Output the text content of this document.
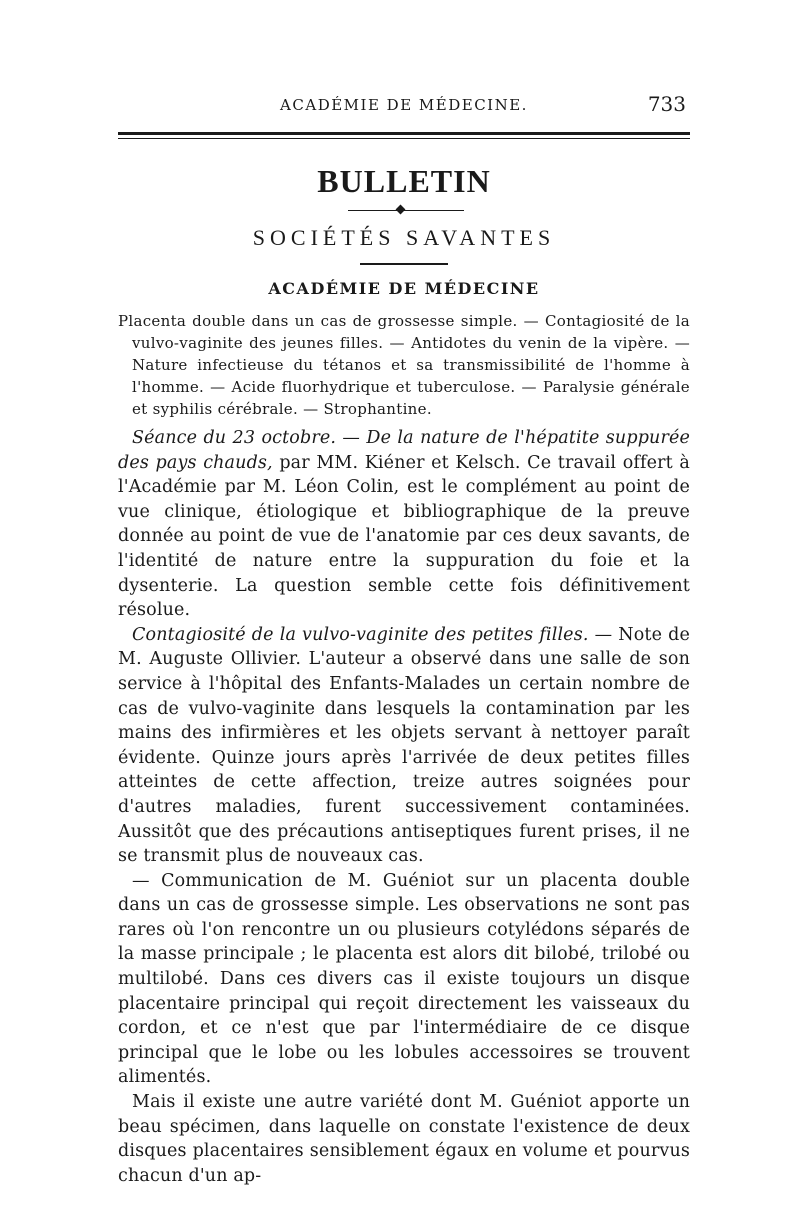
ACADÉMIE DE MÉDECINE.	733
BULLETIN
SOCIÉTÉS SAVANTES
ACADÉMIE DE MÉDECINE

Placenta double dans un cas de grossesse simple. — Contagiosité de la vulvo-vaginite des jeunes filles. — Antidotes du venin de la vipère. — Nature infectieuse du tétanos et sa transmissibilité de l'homme à l'homme. — Acide fluorhydrique et tuberculose. — Paralysie générale et syphilis cérébrale. — Strophantine.

Séance du 23 octobre. — De la nature de l'hépatite suppurée des pays chauds, par MM. Kiéner et Kelsch. Ce travail offert à l'Académie par M. Léon Colin, est le complément au point de vue clinique, étiologique et bibliographique de la preuve donnée au point de vue de l'anatomie par ces deux savants, de l'identité de nature entre la suppuration du foie et la dysenterie. La question semble cette fois définitivement résolue.

Contagiosité de la vulvo-vaginite des petites filles. — Note de M. Auguste Ollivier. L'auteur a observé dans une salle de son service à l'hôpital des Enfants-Malades un certain nombre de cas de vulvo-vaginite dans lesquels la contamination par les mains des infirmières et les objets servant à nettoyer paraît évidente. Quinze jours après l'arrivée de deux petites filles atteintes de cette affection, treize autres soignées pour d'autres maladies, furent successivement contaminées. Aussitôt que des précautions antiseptiques furent prises, il ne se transmit plus de nouveaux cas.

— Communication de M. Guéniot sur un placenta double dans un cas de grossesse simple. Les observations ne sont pas rares où l'on rencontre un ou plusieurs cotylédons séparés de la masse principale ; le placenta est alors dit bilobé, trilobé ou multilobé. Dans ces divers cas il existe toujours un disque placentaire principal qui reçoit directement les vaisseaux du cordon, et ce n'est que par l'intermédiaire de ce disque principal que le lobe ou les lobules accessoires se trouvent alimentés.

Mais il existe une autre variété dont M. Guéniot apporte un beau spécimen, dans laquelle on constate l'existence de deux disques placentaires sensiblement égaux en volume et pourvus chacun d'un ap-
